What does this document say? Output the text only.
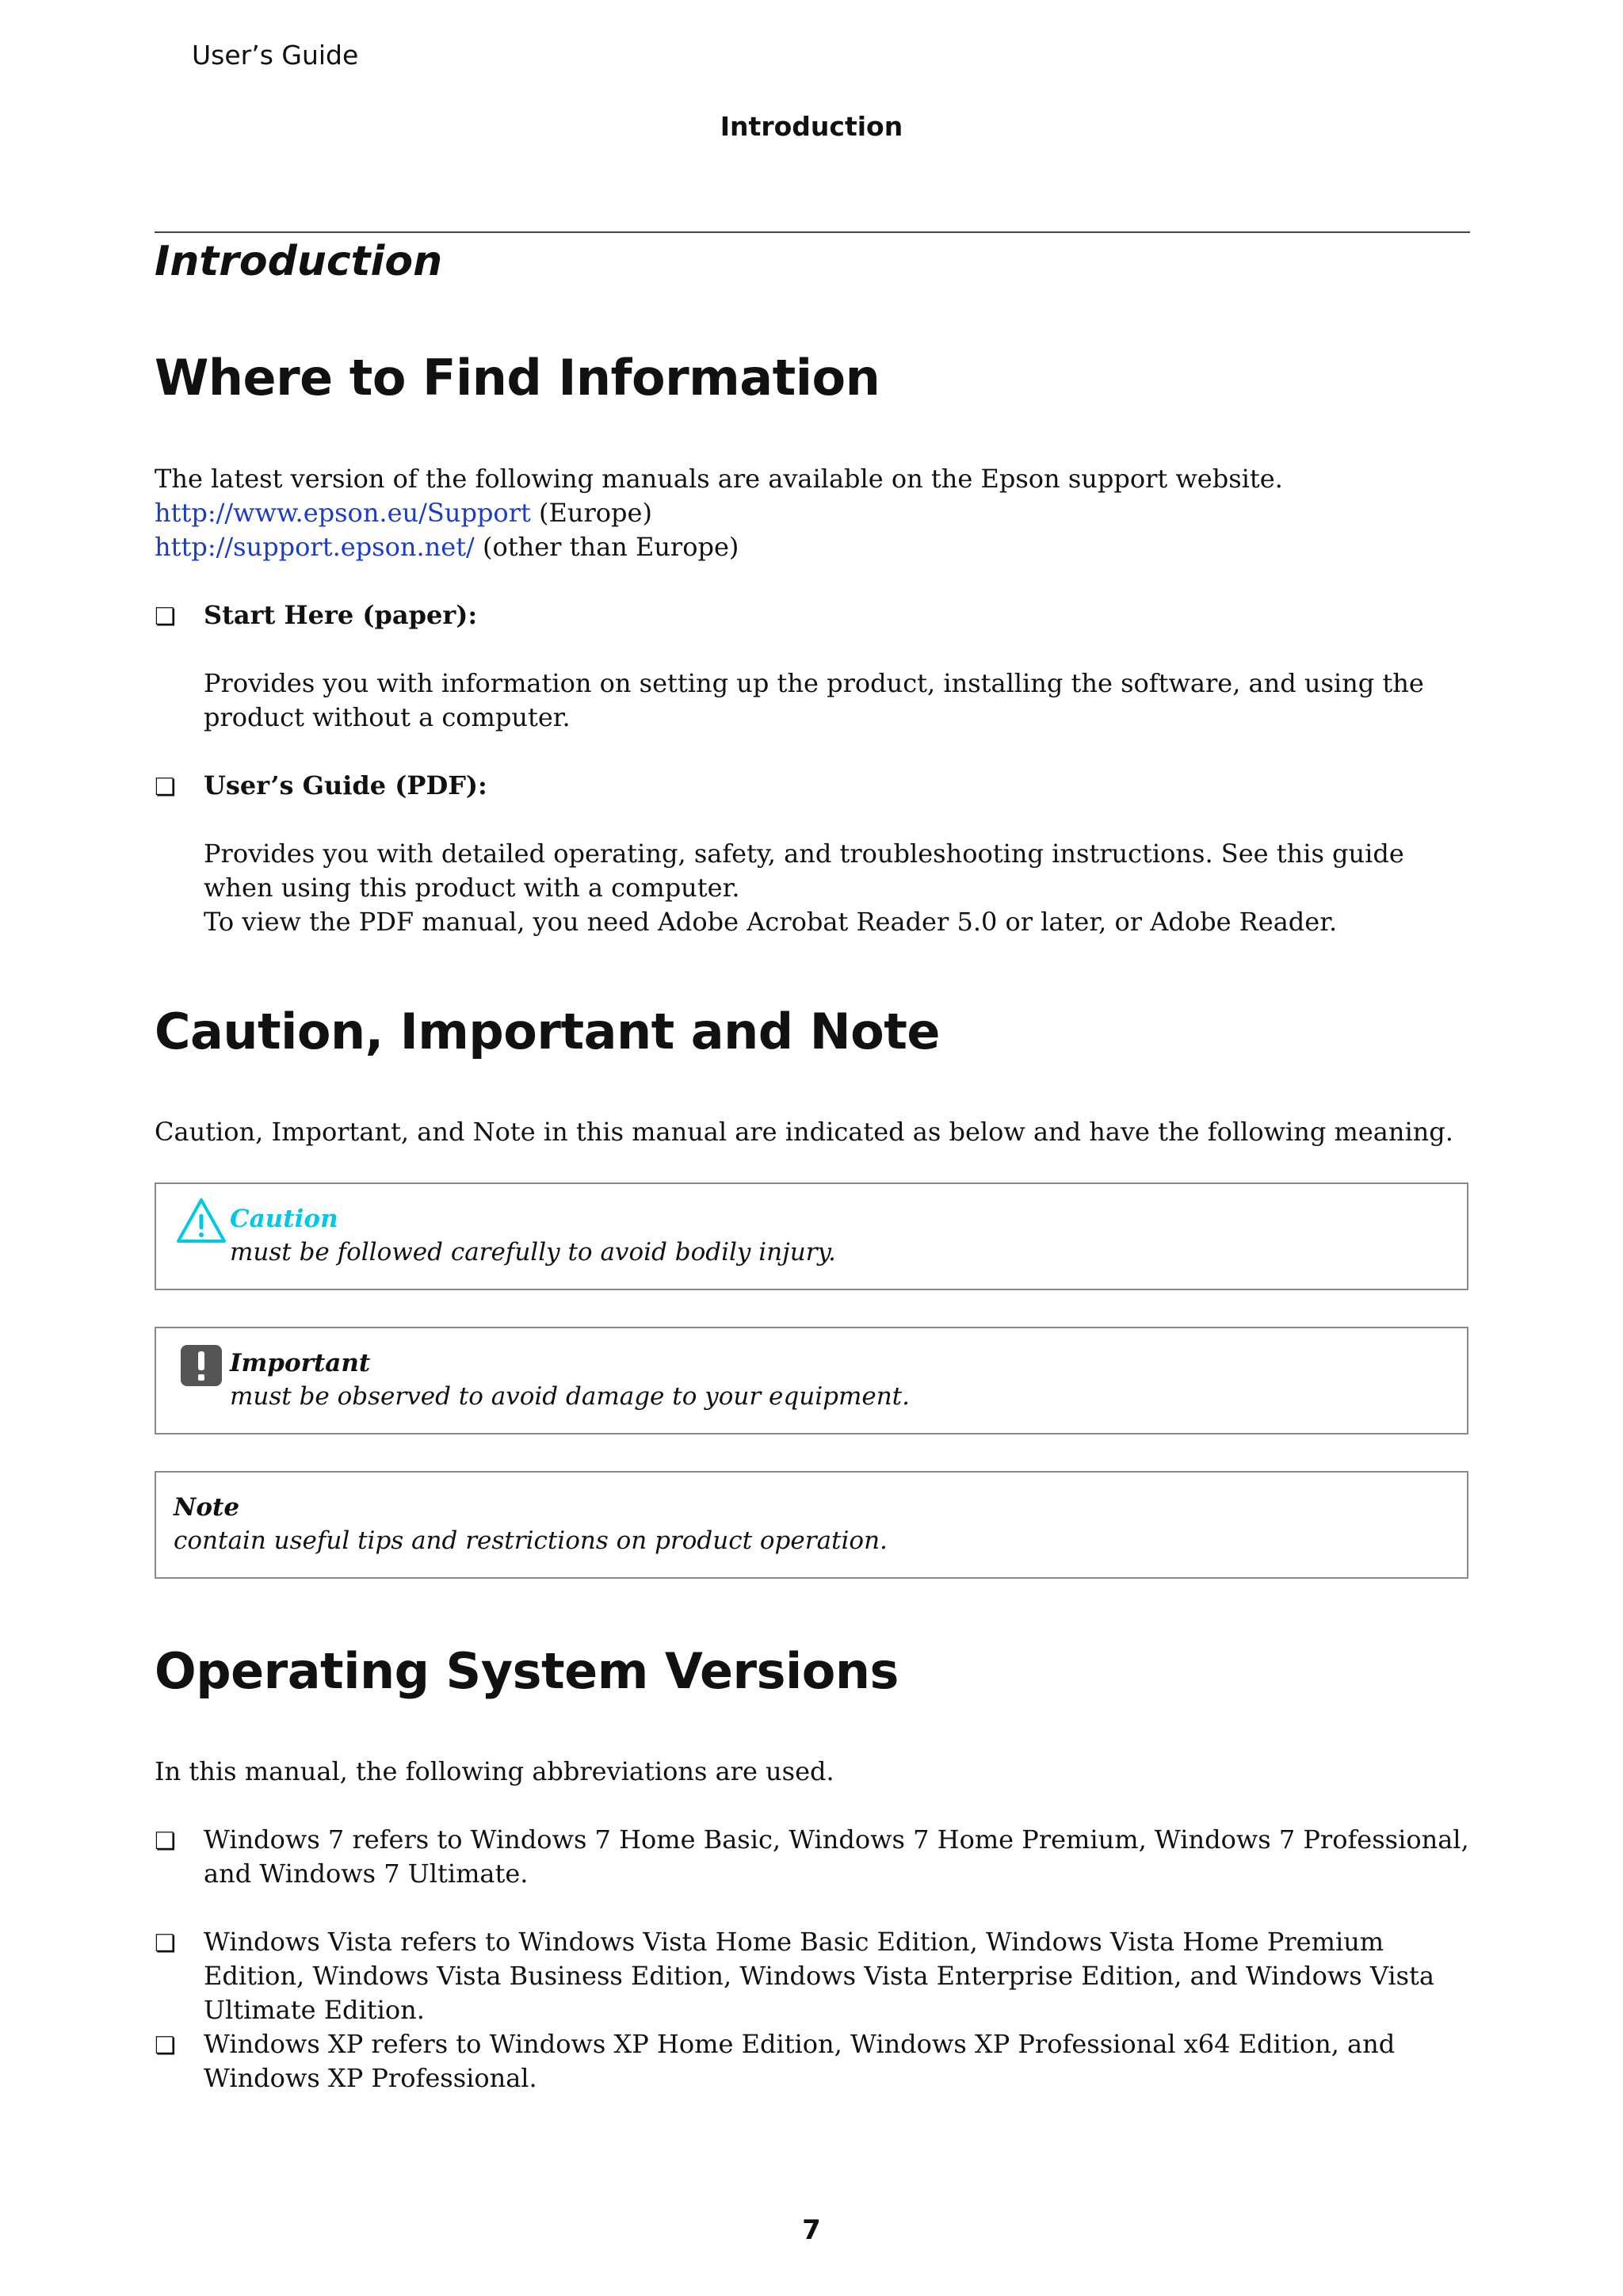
User’s Guide
Introduction
Introduction
Where to Find Information
The latest version of the following manuals are available on the Epson support website.
http://www.epson.eu/Support (Europe)
http://support.epson.net/ (other than Europe)
❏ Start Here (paper):
Provides you with information on setting up the product, installing the software, and using the product without a computer.
❏ User’s Guide (PDF):
Provides you with detailed operating, safety, and troubleshooting instructions. See this guide when using this product with a computer.
To view the PDF manual, you need Adobe Acrobat Reader 5.0 or later, or Adobe Reader.
Caution, Important and Note
Caution, Important, and Note in this manual are indicated as below and have the following meaning.
Caution
must be followed carefully to avoid bodily injury.
Important
must be observed to avoid damage to your equipment.
Note
contain useful tips and restrictions on product operation.
Operating System Versions
In this manual, the following abbreviations are used.
❏ Windows 7 refers to Windows 7 Home Basic, Windows 7 Home Premium, Windows 7 Professional, and Windows 7 Ultimate.
❏ Windows Vista refers to Windows Vista Home Basic Edition, Windows Vista Home Premium Edition, Windows Vista Business Edition, Windows Vista Enterprise Edition, and Windows Vista Ultimate Edition.
❏ Windows XP refers to Windows XP Home Edition, Windows XP Professional x64 Edition, and Windows XP Professional.
7
